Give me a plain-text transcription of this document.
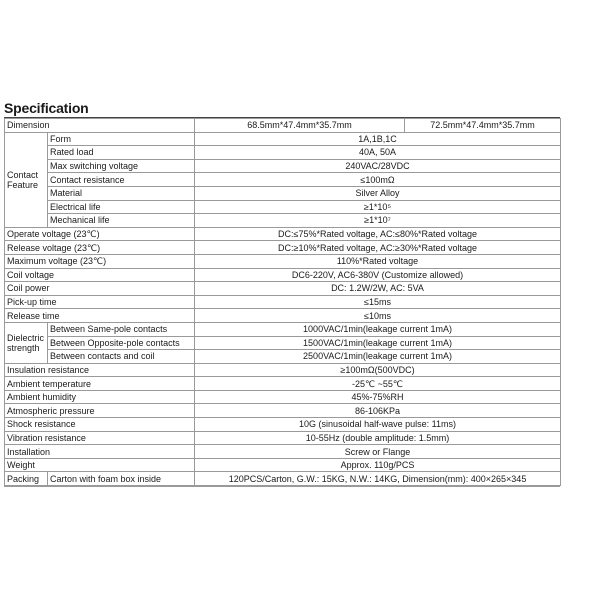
Specification
Dimension		68.5mm*47.4mm*35.7mm	72.5mm*47.4mm*35.7mm

Contact
Feature	Form	1A,1B,1C	
	Rated load	40A, 50A	
	Max switching voltage	240VAC/28VDC	
	Contact resistance	≤100mΩ	
	Material	Silver Alloy	
	Electrical life	≥1*10⁵	
	Mechanical life	≥1*10⁷	
Operate voltage (23℃)		DC:≤75%*Rated voltage, AC:≤80%*Rated voltage	
Release voltage (23℃)		DC:≥10%*Rated voltage, AC:≥30%*Rated voltage	
Maximum voltage (23℃)		110%*Rated voltage	
Coil voltage		DC6-220V, AC6-380V (Customize allowed)	
Coil power		DC: 1.2W/2W, AC: 5VA	
Pick-up time		≤15ms	
Release time		≤10ms	

Dielectric
strength	Between Same-pole contacts	1000VAC/1min(leakage current 1mA)	
	Between Opposite-pole contacts	1500VAC/1min(leakage current 1mA)	
	Between contacts and coil	2500VAC/1min(leakage current 1mA)	
Insulation resistance		≥100mΩ(500VDC)	
Ambient temperature		-25℃ ~55℃	
Ambient humidity		45%-75%RH	
Atmospheric pressure		86-106KPa	
Shock resistance		10G (sinusoidal half-wave pulse: 11ms)	
Vibration resistance		10-55Hz (double amplitude: 1.5mm)	
Installation		Screw or Flange	
Weight		Approx. 110g/PCS	
Packing	Carton with foam box inside	120PCS/Carton, G.W.: 15KG, N.W.: 14KG, Dimension(mm): 400×265×345	
